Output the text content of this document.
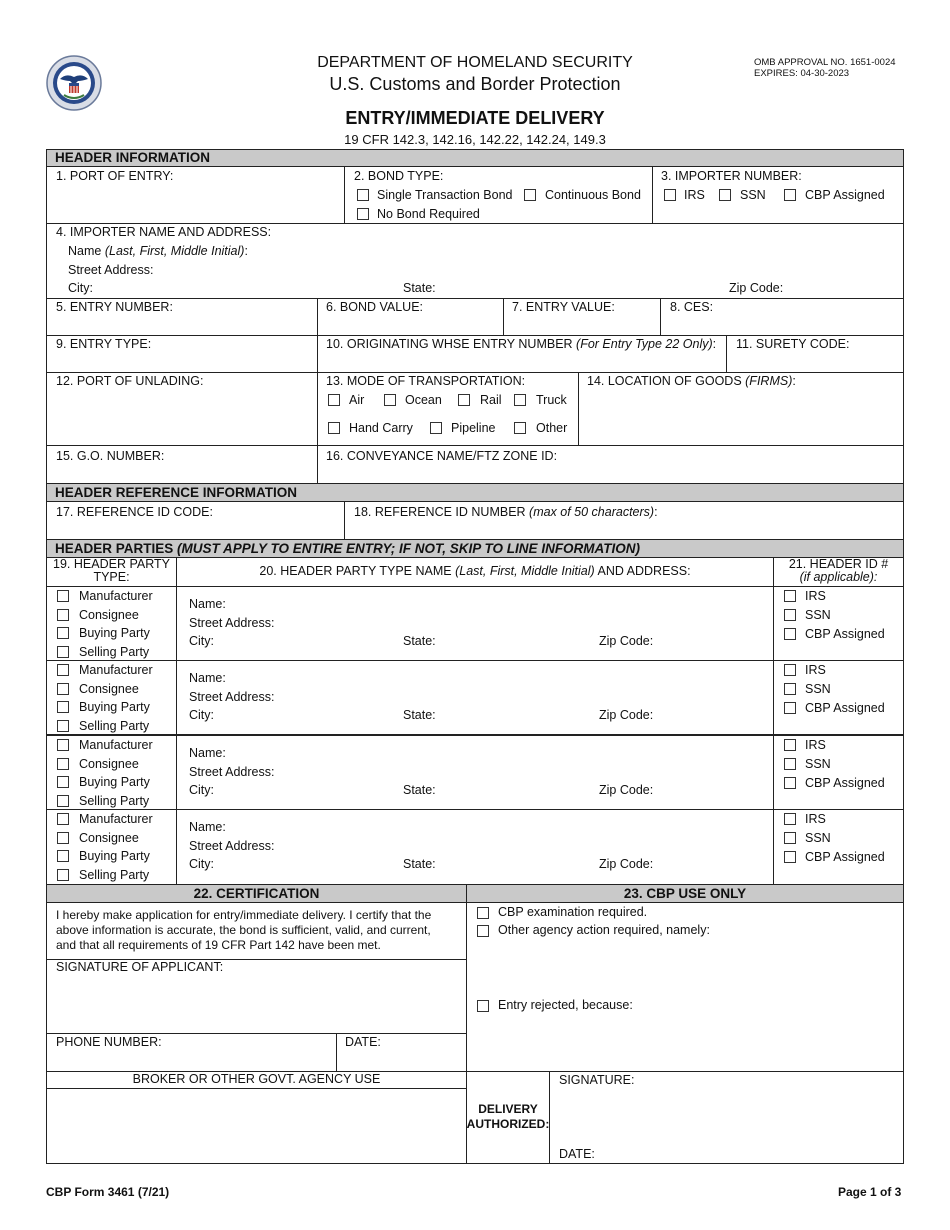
DEPARTMENT OF HOMELAND SECURITY
U.S. Customs and Border Protection
OMB APPROVAL NO. 1651-0024
EXPIRES: 04-30-2023
ENTRY/IMMEDIATE DELIVERY
19 CFR 142.3, 142.16, 142.22, 142.24, 149.3
HEADER INFORMATION
1. PORT OF ENTRY:	2. BOND TYPE:
Single Transaction Bond	Continuous Bond
No Bond Required
3. IMPORTER NUMBER:
IRS	SSN	CBP Assigned
4. IMPORTER NAME AND ADDRESS:
Name (Last, First, Middle Initial):
Street Address:
City:	State:	Zip Code:
5. ENTRY NUMBER:	6. BOND VALUE:	7. ENTRY VALUE:	8. CES:
9. ENTRY TYPE:	10. ORIGINATING WHSE ENTRY NUMBER (For Entry Type 22 Only): 11. SURETY CODE:
12. PORT OF UNLADING:	13. MODE OF TRANSPORTATION:
Air	Ocean	Rail	Truck
Hand Carry	Pipeline	Other
14. LOCATION OF GOODS (FIRMS):
15. G.O. NUMBER:	16. CONVEYANCE NAME/FTZ ZONE ID:
HEADER REFERENCE INFORMATION
17. REFERENCE ID CODE:	18. REFERENCE ID NUMBER (max of 50 characters):
HEADER PARTIES (MUST APPLY TO ENTIRE ENTRY; IF NOT, SKIP TO LINE INFORMATION)
19. HEADER PARTY
TYPE:	20. HEADER PARTY TYPE NAME (Last, First, Middle Initial) AND ADDRESS:	21. HEADER ID #
(if applicable):
Manufacturer
Consignee
Buying Party
Selling Party
Name:
Street Address:
City:	State:	Zip Code:
IRS
SSN
CBP Assigned
Manufacturer
Consignee
Buying Party
Selling Party
Name:
Street Address:
City:	State:	Zip Code:
IRS
SSN
CBP Assigned
Manufacturer
Consignee
Buying Party
Selling Party
Name:
Street Address:
City:	State:	Zip Code:
IRS
SSN
CBP Assigned
Manufacturer
Consignee
Buying Party
Selling Party
Name:
Street Address:
City:	State:	Zip Code:
IRS
SSN
CBP Assigned
22. CERTIFICATION	23. CBP USE ONLY
I hereby make application for entry/immediate delivery. I certify that the
above information is accurate, the bond is sufficient, valid, and current,
and that all requirements of 19 CFR Part 142 have been met.
SIGNATURE OF APPLICANT:
PHONE NUMBER:	DATE:
BROKER OR OTHER GOVT. AGENCY USE
CBP examination required.
Other agency action required, namely:
Entry rejected, because:
DELIVERY
AUTHORIZED:
SIGNATURE:
DATE:
CBP Form 3461 (7/21)	Page 1 of 3
